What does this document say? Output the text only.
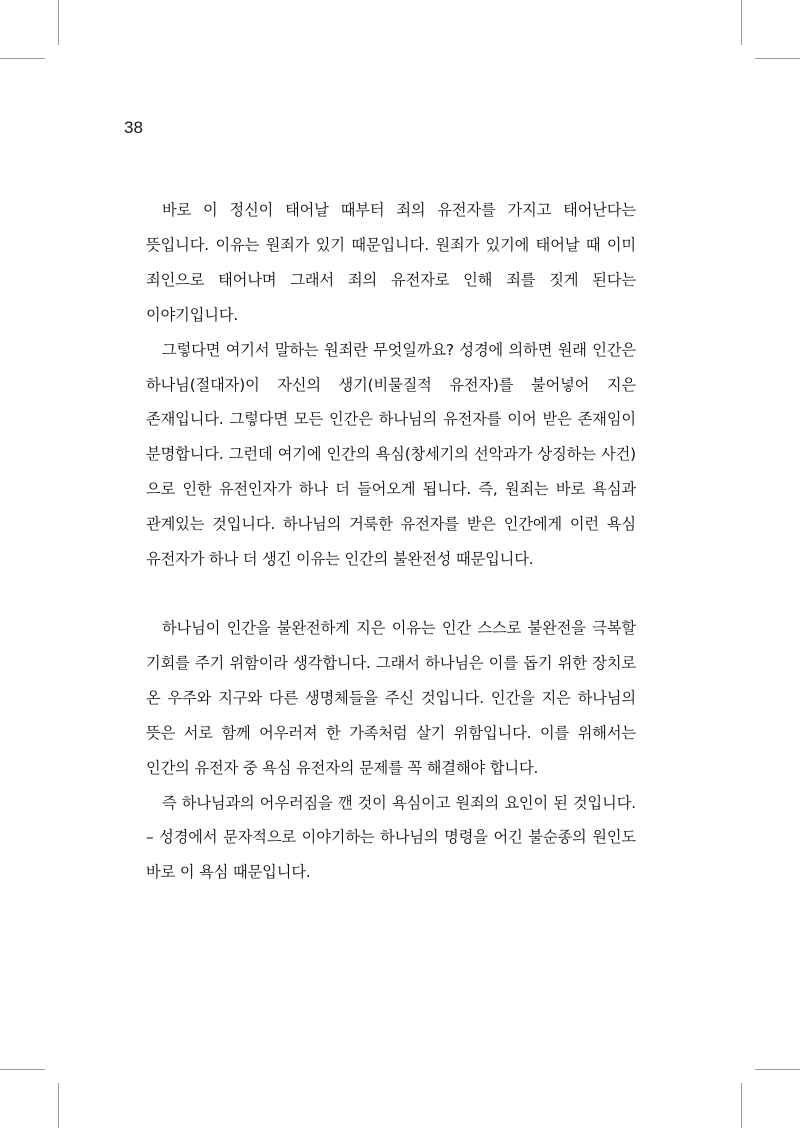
38

바로 이 정신이 태어날 때부터 죄의 유전자를 가지고 태어난다는 뜻입니다. 이유는 원죄가 있기 때문입니다. 원죄가 있기에 태어날 때 이미 죄인으로 태어나며 그래서 죄의 유전자로 인해 죄를 짓게 된다는 이야기입니다.

그렇다면 여기서 말하는 원죄란 무엇일까요? 성경에 의하면 원래 인간은 하나님(절대자)이 자신의 생기(비물질적 유전자)를 불어넣어 지은 존재입니다. 그렇다면 모든 인간은 하나님의 유전자를 이어 받은 존재임이 분명합니다. 그런데 여기에 인간의 욕심(창세기의 선악과가 상징하는 사건)으로 인한 유전인자가 하나 더 들어오게 됩니다. 즉, 원죄는 바로 욕심과 관계있는 것입니다. 하나님의 거룩한 유전자를 받은 인간에게 이런 욕심 유전자가 하나 더 생긴 이유는 인간의 불완전성 때문입니다.

하나님이 인간을 불완전하게 지은 이유는 인간 스스로 불완전을 극복할 기회를 주기 위함이라 생각합니다. 그래서 하나님은 이를 돕기 위한 장치로 온 우주와 지구와 다른 생명체들을 주신 것입니다. 인간을 지은 하나님의 뜻은 서로 함께 어우러져 한 가족처럼 살기 위함입니다. 이를 위해서는 인간의 유전자 중 욕심 유전자의 문제를 꼭 해결해야 합니다.

즉 하나님과의 어우러짐을 깬 것이 욕심이고 원죄의 요인이 된 것입니다. – 성경에서 문자적으로 이야기하는 하나님의 명령을 어긴 불순종의 원인도 바로 이 욕심 때문입니다.
